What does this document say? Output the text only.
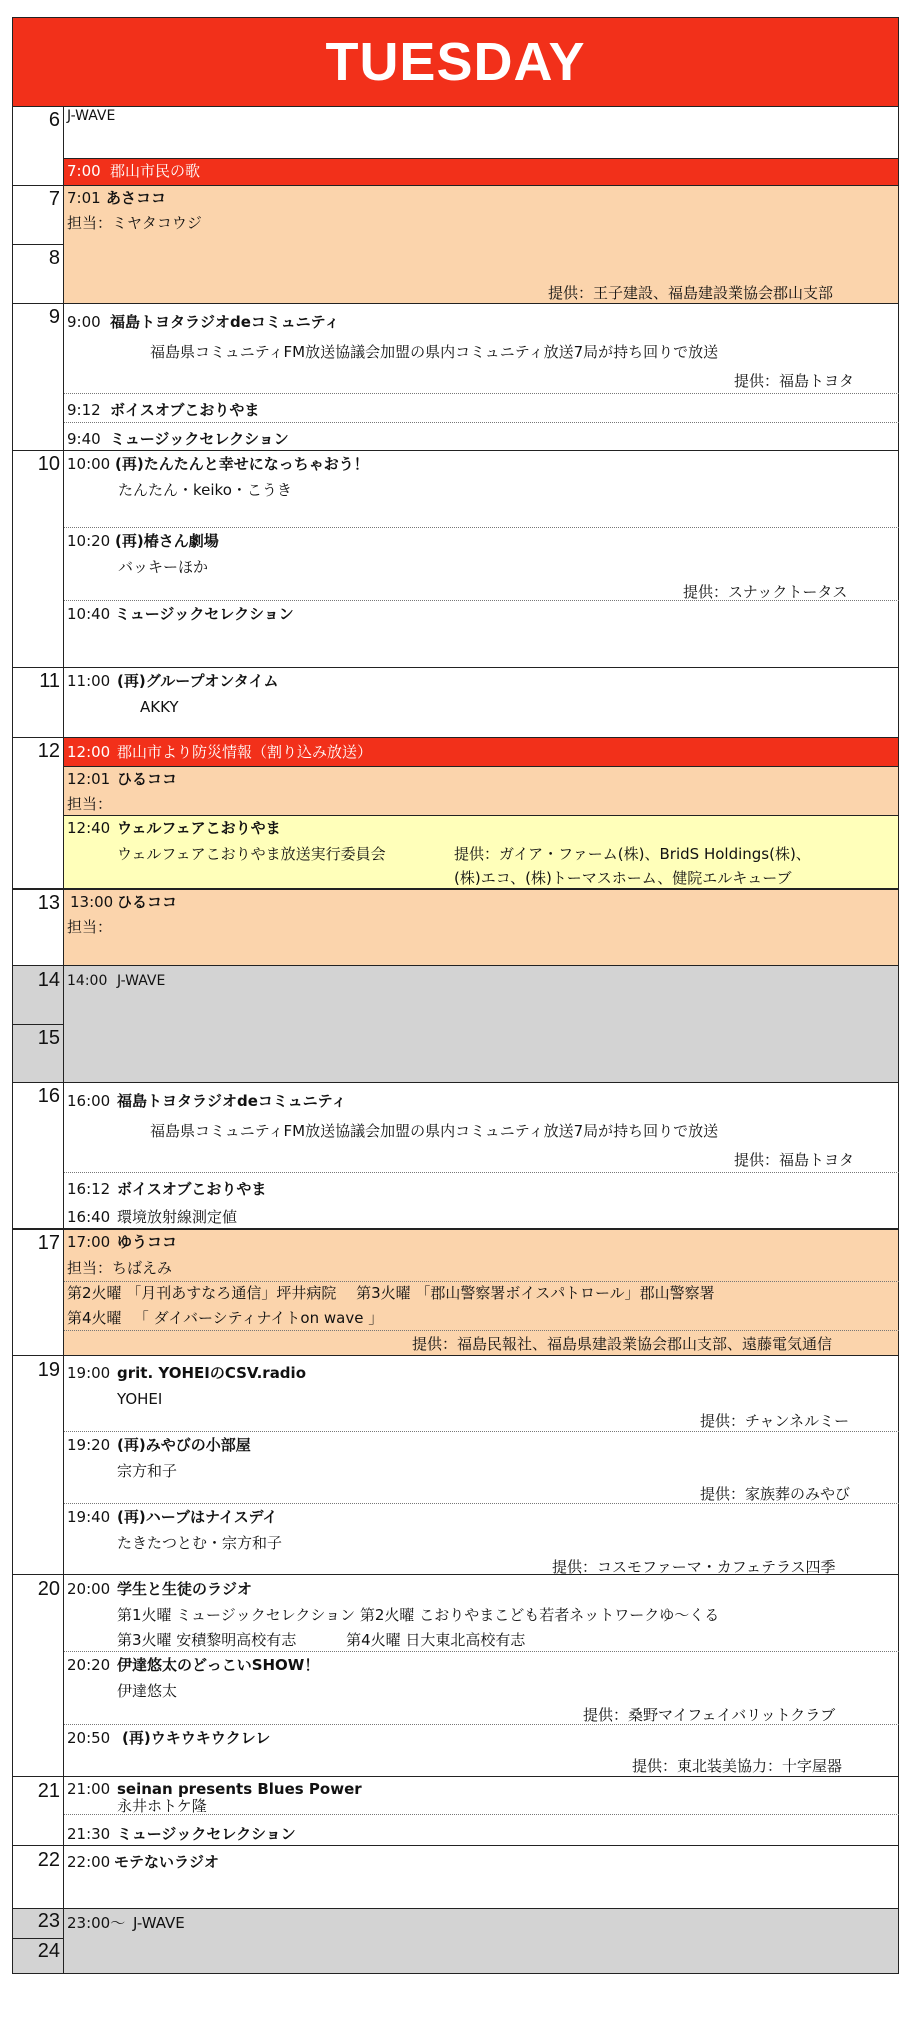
TUESDAY
6
7
8
9
10
11
12
13
14
15
16
17
19
20
21
22
23
24
J-WAVE
7:00 郡山市民の歌
7:01 あさココ
担当：ミヤタコウジ
提供：王子建設、福島建設業協会郡山支部
9:00 福島トヨタラジオdeコミュニティ
福島県コミュニティFM放送協議会加盟の県内コミュニティ放送7局が持ち回りで放送
提供：福島トヨタ
9:12 ボイスオブこおりやま
9:40 ミュージックセレクション
10:00 (再)たんたんと幸せになっちゃおう！
たんたん・keiko・こうき
10:20 (再)椿さん劇場
バッキーほか
提供：スナックトータス
10:40 ミュージックセレクション
11:00 (再)グループオンタイム
AKKY
12:00 郡山市より防災情報（割り込み放送）
12:01 ひるココ
担当：
12:40 ウェルフェアこおりやま
ウェルフェアこおりやま放送実行委員会	提供：ガイア・ファーム(株)、BridS Holdings(株)、
(株)エコ、(株)トーマスホーム、健院エルキューブ
13:00 ひるココ
担当：
14:00 J-WAVE
16:00 福島トヨタラジオdeコミュニティ
福島県コミュニティFM放送協議会加盟の県内コミュニティ放送7局が持ち回りで放送
提供：福島トヨタ
16:12 ボイスオブこおりやま
16:40 環境放射線測定値
17:00 ゆうココ
担当：ちばえみ
第2火曜 「月刊あすなろ通信」坪井病院 　第3火曜 「郡山警察署ボイスパトロール」郡山警察署
第4火曜 　「 ダイバーシティナイトon wave 」
提供：福島民報社、福島県建設業協会郡山支部、遠藤電気通信
19:00 grit. YOHEIのCSV.radio
YOHEI
提供：チャンネルミー
19:20 (再)みやびの小部屋
宗方和子
提供：家族葬のみやび
19:40 (再)ハーブはナイスデイ
たきたつとむ・宗方和子
提供：コスモファーマ・カフェテラス四季
20:00 学生と生徒のラジオ
第1火曜 ミュージックセレクション 第2火曜 こおりやまこども若者ネットワークゆ〜くる
第3火曜 安積黎明高校有志 　　　第4火曜 日大東北高校有志
20:20 伊達悠太のどっこいSHOW！
伊達悠太
提供：桑野マイフェイバリットクラブ
20:50 (再)ウキウキウクレレ
提供：東北装美協力：十字屋器
21:00 seinan presents Blues Power
永井ホトケ隆
21:30 ミュージックセレクション
22:00 モテないラジオ
23:00〜 J-WAVE
